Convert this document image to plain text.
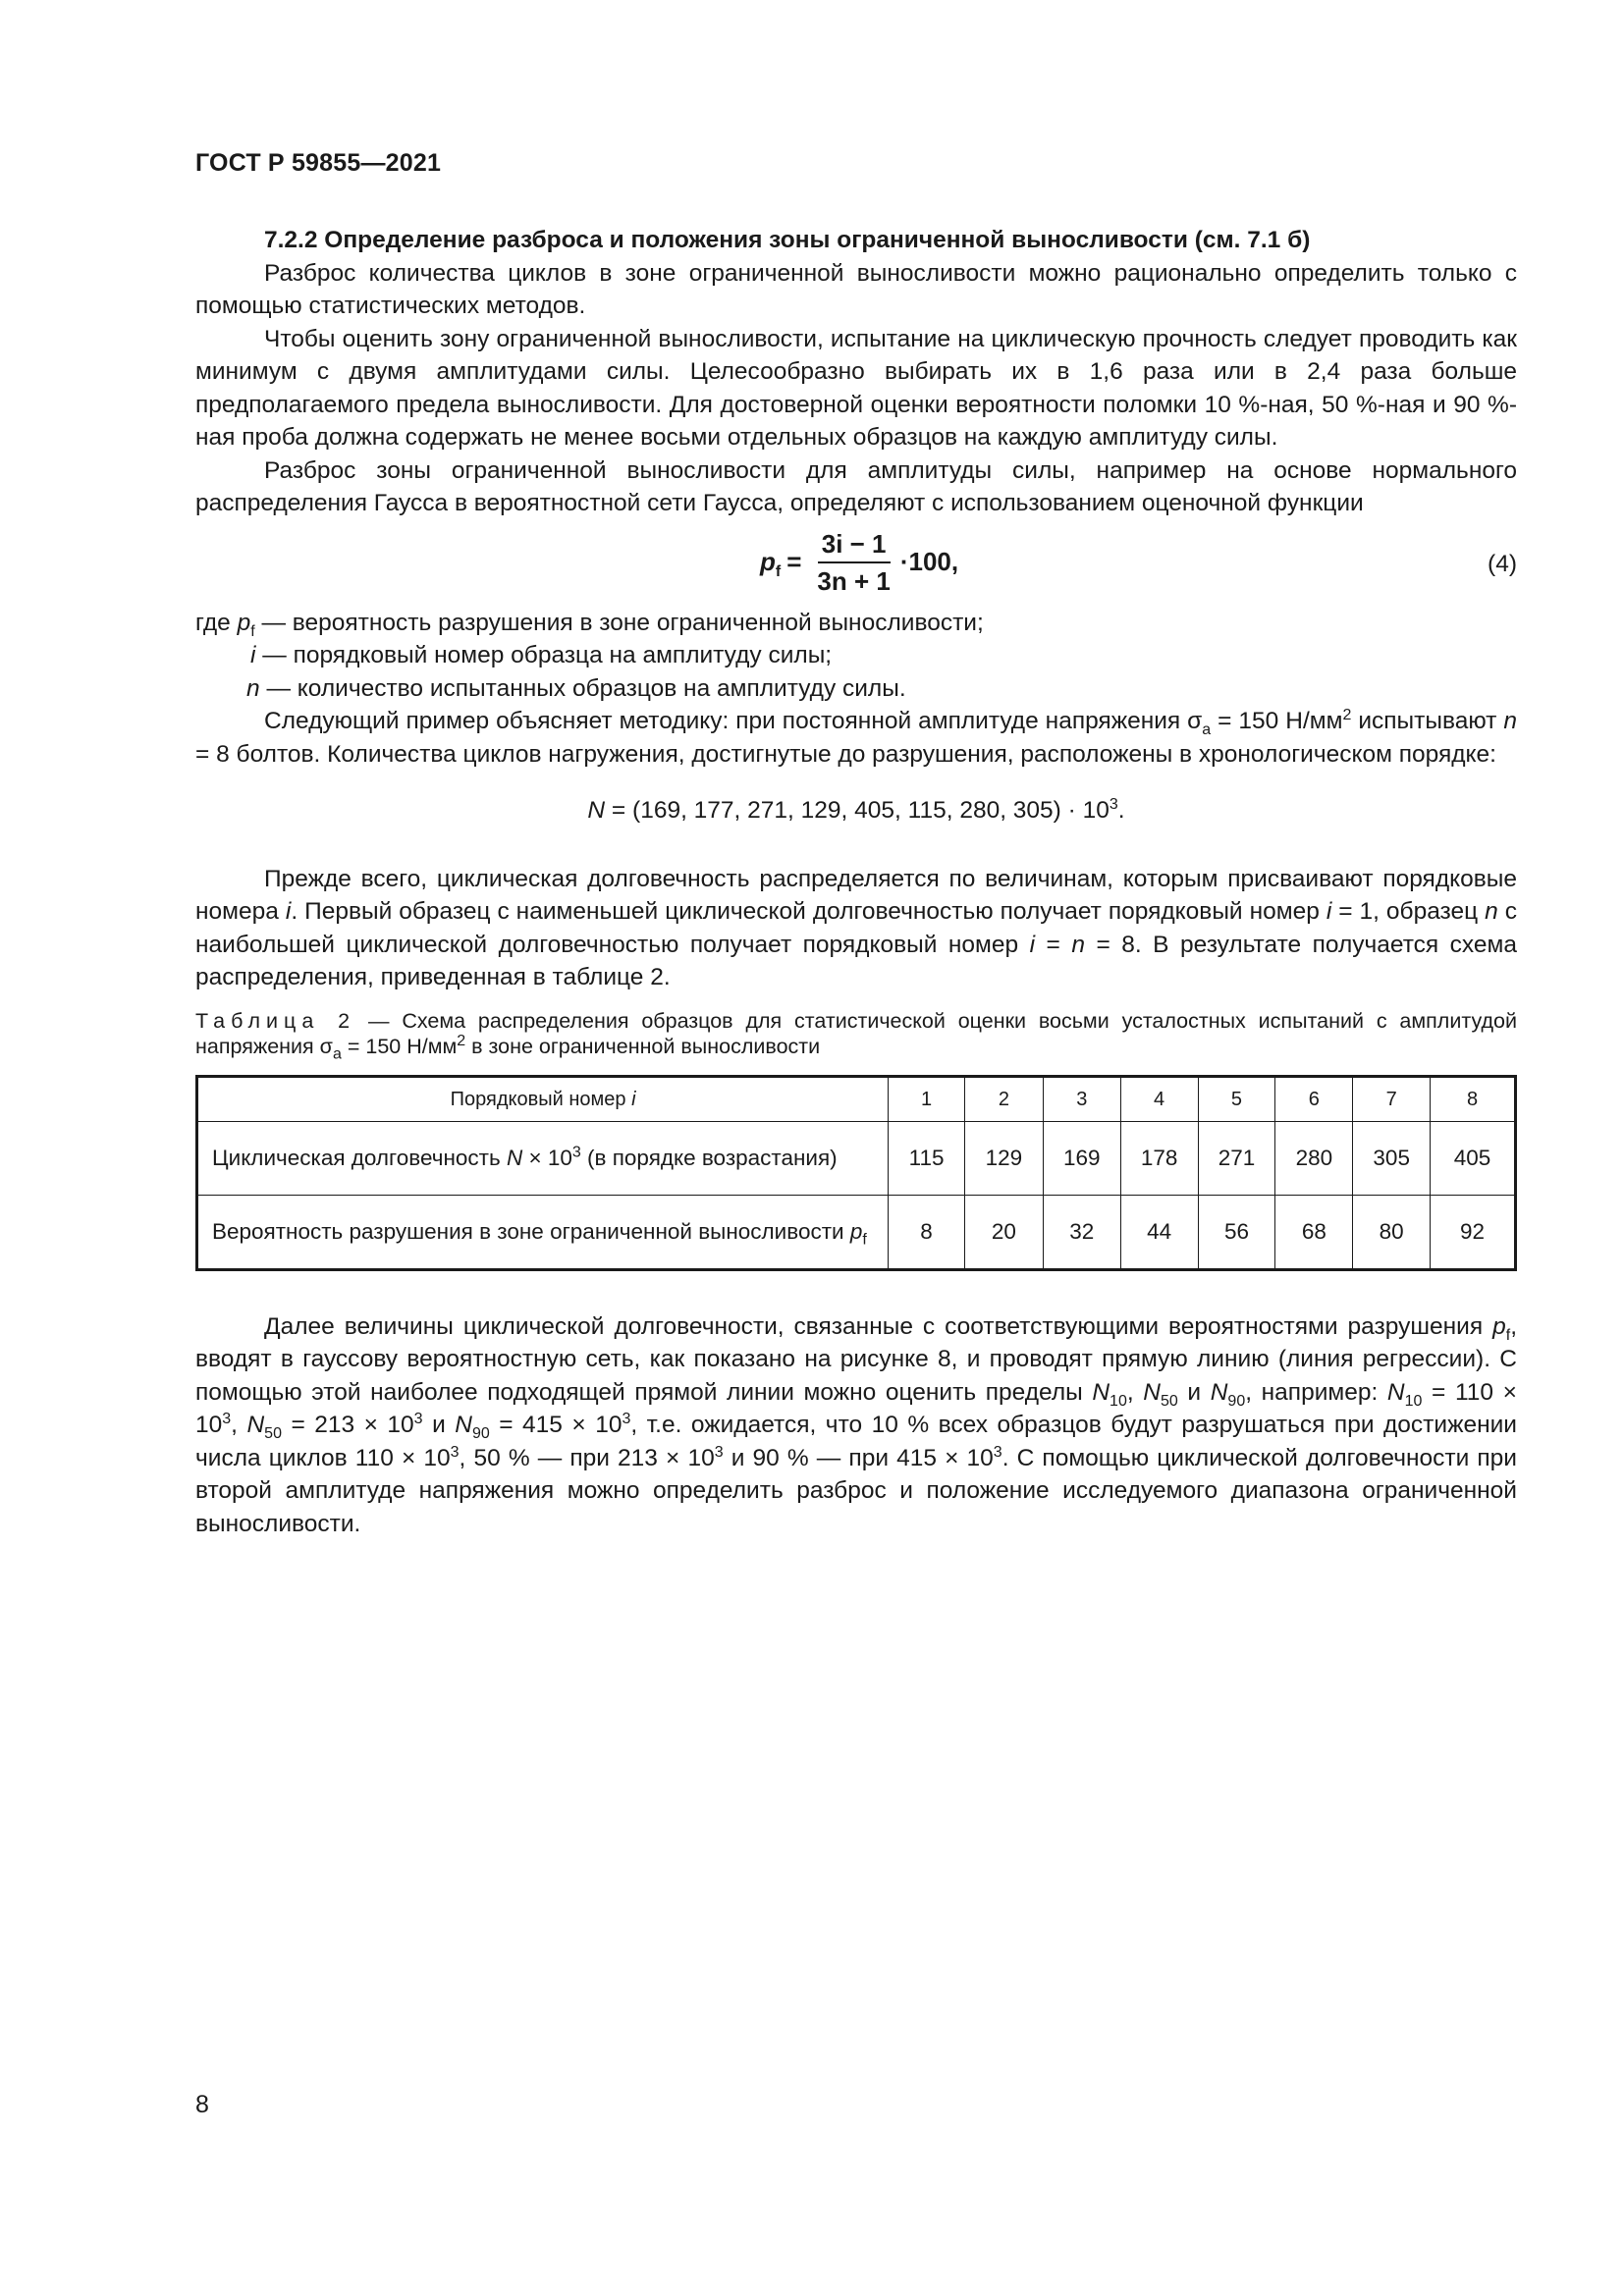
ГОСТ Р 59855—2021

7.2.2 Определение разброса и положения зоны ограниченной выносливости (см. 7.1 б)

Разброс количества циклов в зоне ограниченной выносливости можно рационально определить только с помощью статистических методов.

Чтобы оценить зону ограниченной выносливости, испытание на циклическую прочность следует проводить как минимум с двумя амплитудами силы. Целесообразно выбирать их в 1,6 раза или в 2,4 раза больше предполагаемого предела выносливости. Для достоверной оценки вероятности поломки 10 %-ная, 50 %-ная и 90 %-ная проба должна содержать не менее восьми отдельных образцов на каждую амплитуду силы.

Разброс зоны ограниченной выносливости для амплитуды силы, например на основе нормального распределения Гаусса в вероятностной сети Гаусса, определяют с использованием оценочной функции

$p_f = \frac{3i - 1}{3n + 1} \cdot 100$,	(4)

где $p_f$ — вероятность разрушения в зоне ограниченной выносливости;

i — порядковый номер образца на амплитуду силы;

n — количество испытанных образцов на амплитуду силы.

Следующий пример объясняет методику: при постоянной амплитуде напряжения $\sigma_a = 150$ $Н/мм^2$ испытывают n = 8 болтов. Количества циклов нагружения, достигнутые до разрушения, расположены в хронологическом порядке:

N = (169, 177, 271, 129, 405, 115, 280, $305) \cdot 10^3$.

Прежде всего, циклическая долговечность распределяется по величинам, которым присваивают порядковые номера i. Первый образец с наименьшей циклической долговечностью получает порядковый номер i = 1, образец n с наибольшей циклической долговечностью получает порядковый номер i = n = 8. В результате получается схема распределения, приведенная в таблице 2.

Таблица 2 — Схема распределения образцов для статистической оценки восьми усталостных испытаний с амплитудой напряжения $\sigma_a = 150$ $Н/мм^2$ в зоне ограниченной выносливости

Порядковый номер i	1	2	3	4	5	6	7	8
Циклическая долговечность $N \times 10^3$ (в порядке возрастания)	115	129	169	178	271	280	305	405
Вероятность разрушения в зоне ограниченной выносливости $p_f$	8	20	32	44	56	68	80	92

Далее величины циклической долговечности, связанные с соответствующими вероятностями разрушения $p_f$, вводят в гауссову вероятностную сеть, как показано на рисунке 8, и проводят прямую линию (линия регрессии). С помощью этой наиболее подходящей прямой линии можно оценить пределы $N_{10}$, $N_{50}$ и $N_{90}$, например: $N_{10} = 110 \times 10^3$, $N_{50} = 213 \times 10^3$ и $N_{90} = 415 \times 10^3$, т.е. ожидается, что 10 % всех образцов будут разрушаться при достижении числа циклов $110 \times 10^3$, 50 % — при $213 \times 10^3$ и 90 % — при $415 \times 10^3$. С помощью циклической долговечности при второй амплитуде напряжения можно определить разброс и положение исследуемого диапазона ограниченной выносливости.

8
